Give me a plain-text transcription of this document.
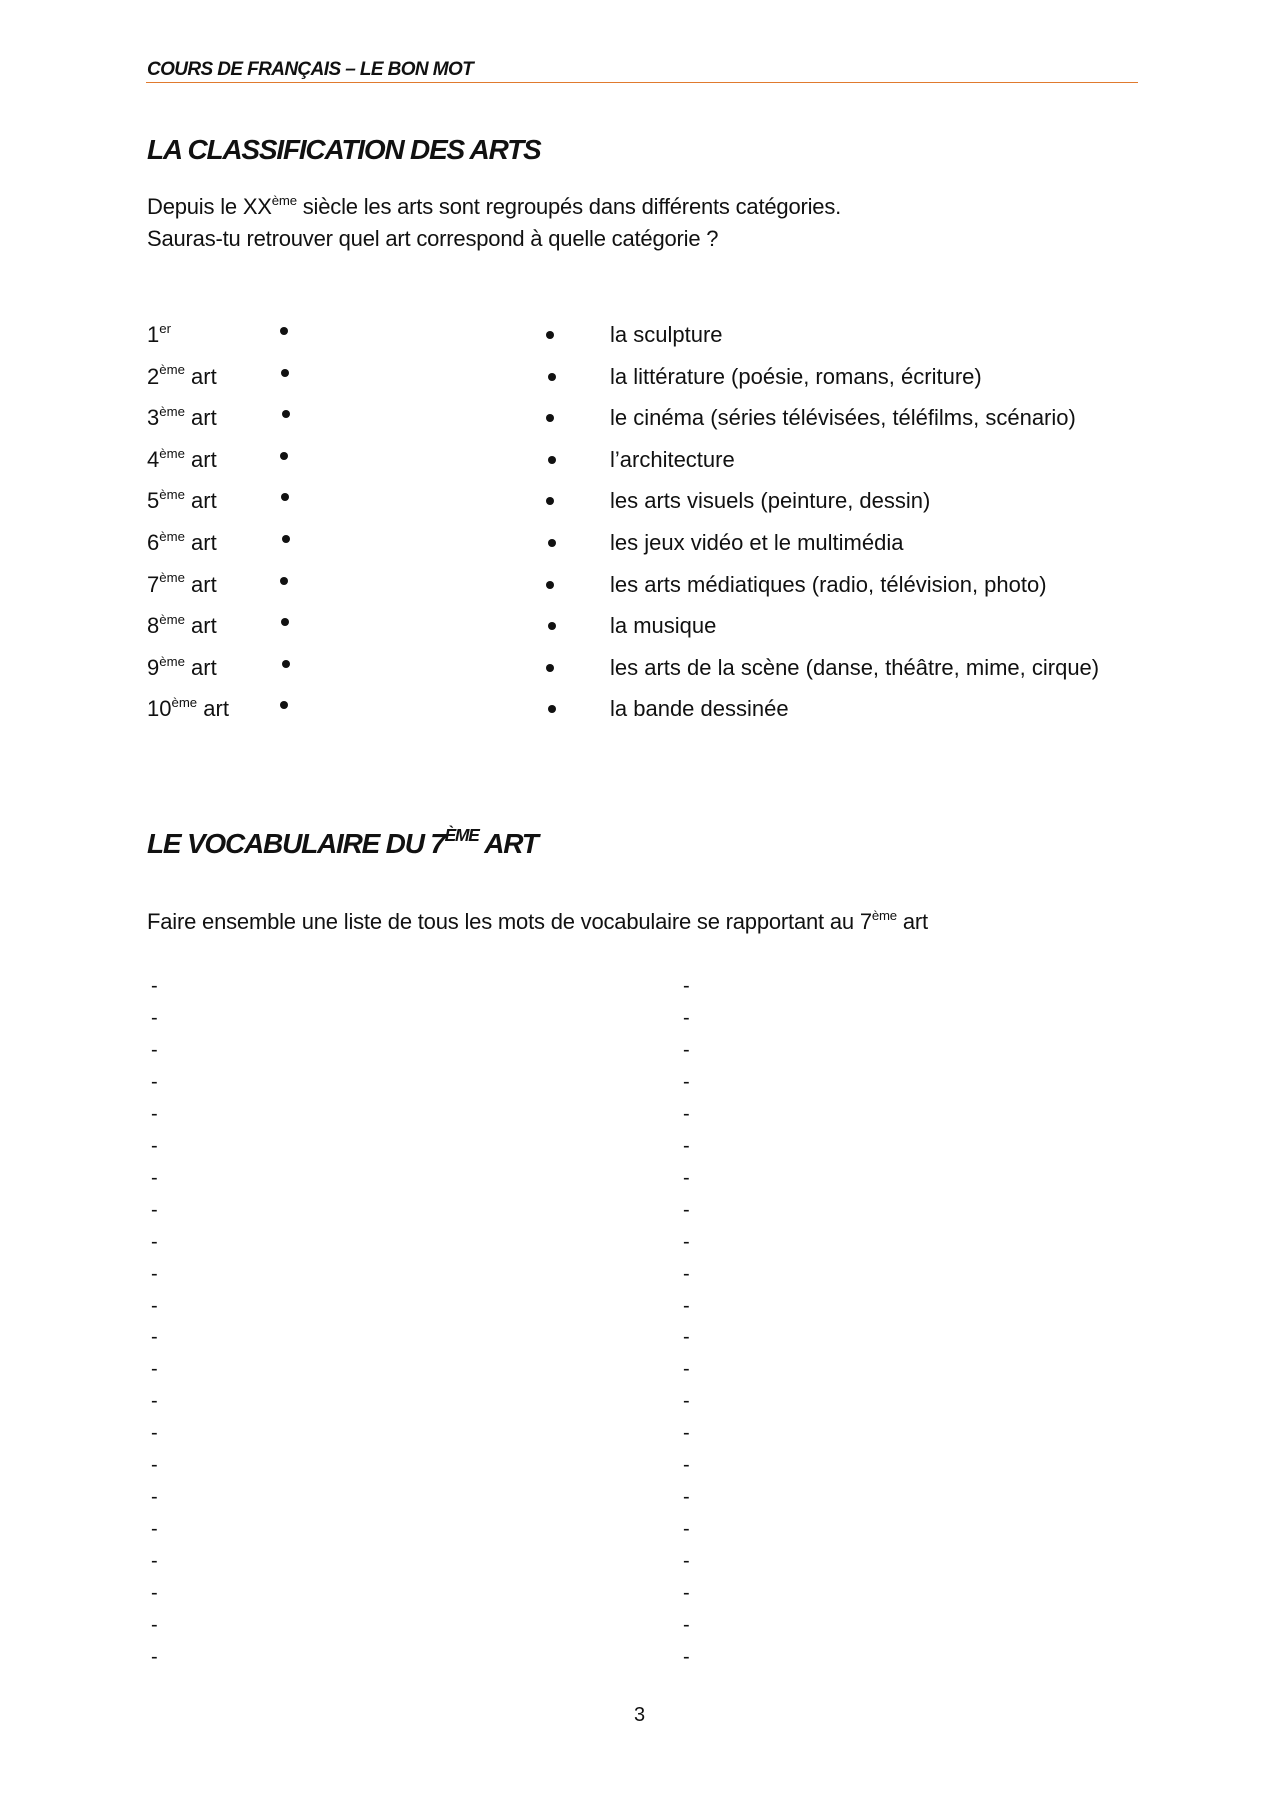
COURS DE FRANÇAIS – LE BON MOT
LA CLASSIFICATION DES ARTS
Depuis le XXème siècle les arts sont regroupés dans différents catégories.
Sauras-tu retrouver quel art correspond à quelle catégorie ?
1er	la sculpture
2ème art	la littérature (poésie, romans, écriture)
3ème art	le cinéma (séries télévisées, téléfilms, scénario)
4ème art	l’architecture
5ème art	les arts visuels (peinture, dessin)
6ème art	les jeux vidéo et le multimédia
7ème art	les arts médiatiques (radio, télévision, photo)
8ème art	la musique
9ème art	les arts de la scène (danse, théâtre, mime, cirque)
10ème art	la bande dessinée
LE VOCABULAIRE DU 7ÈME ART
Faire ensemble une liste de tous les mots de vocabulaire se rapportant au 7ème art
-	-
-	-
-	-
-	-
-	-
-	-
-	-
-	-
-	-
-	-
-	-
-	-
-	-
-	-
-	-
-	-
-	-
-	-
-	-
-	-
-	-
-	-
3
